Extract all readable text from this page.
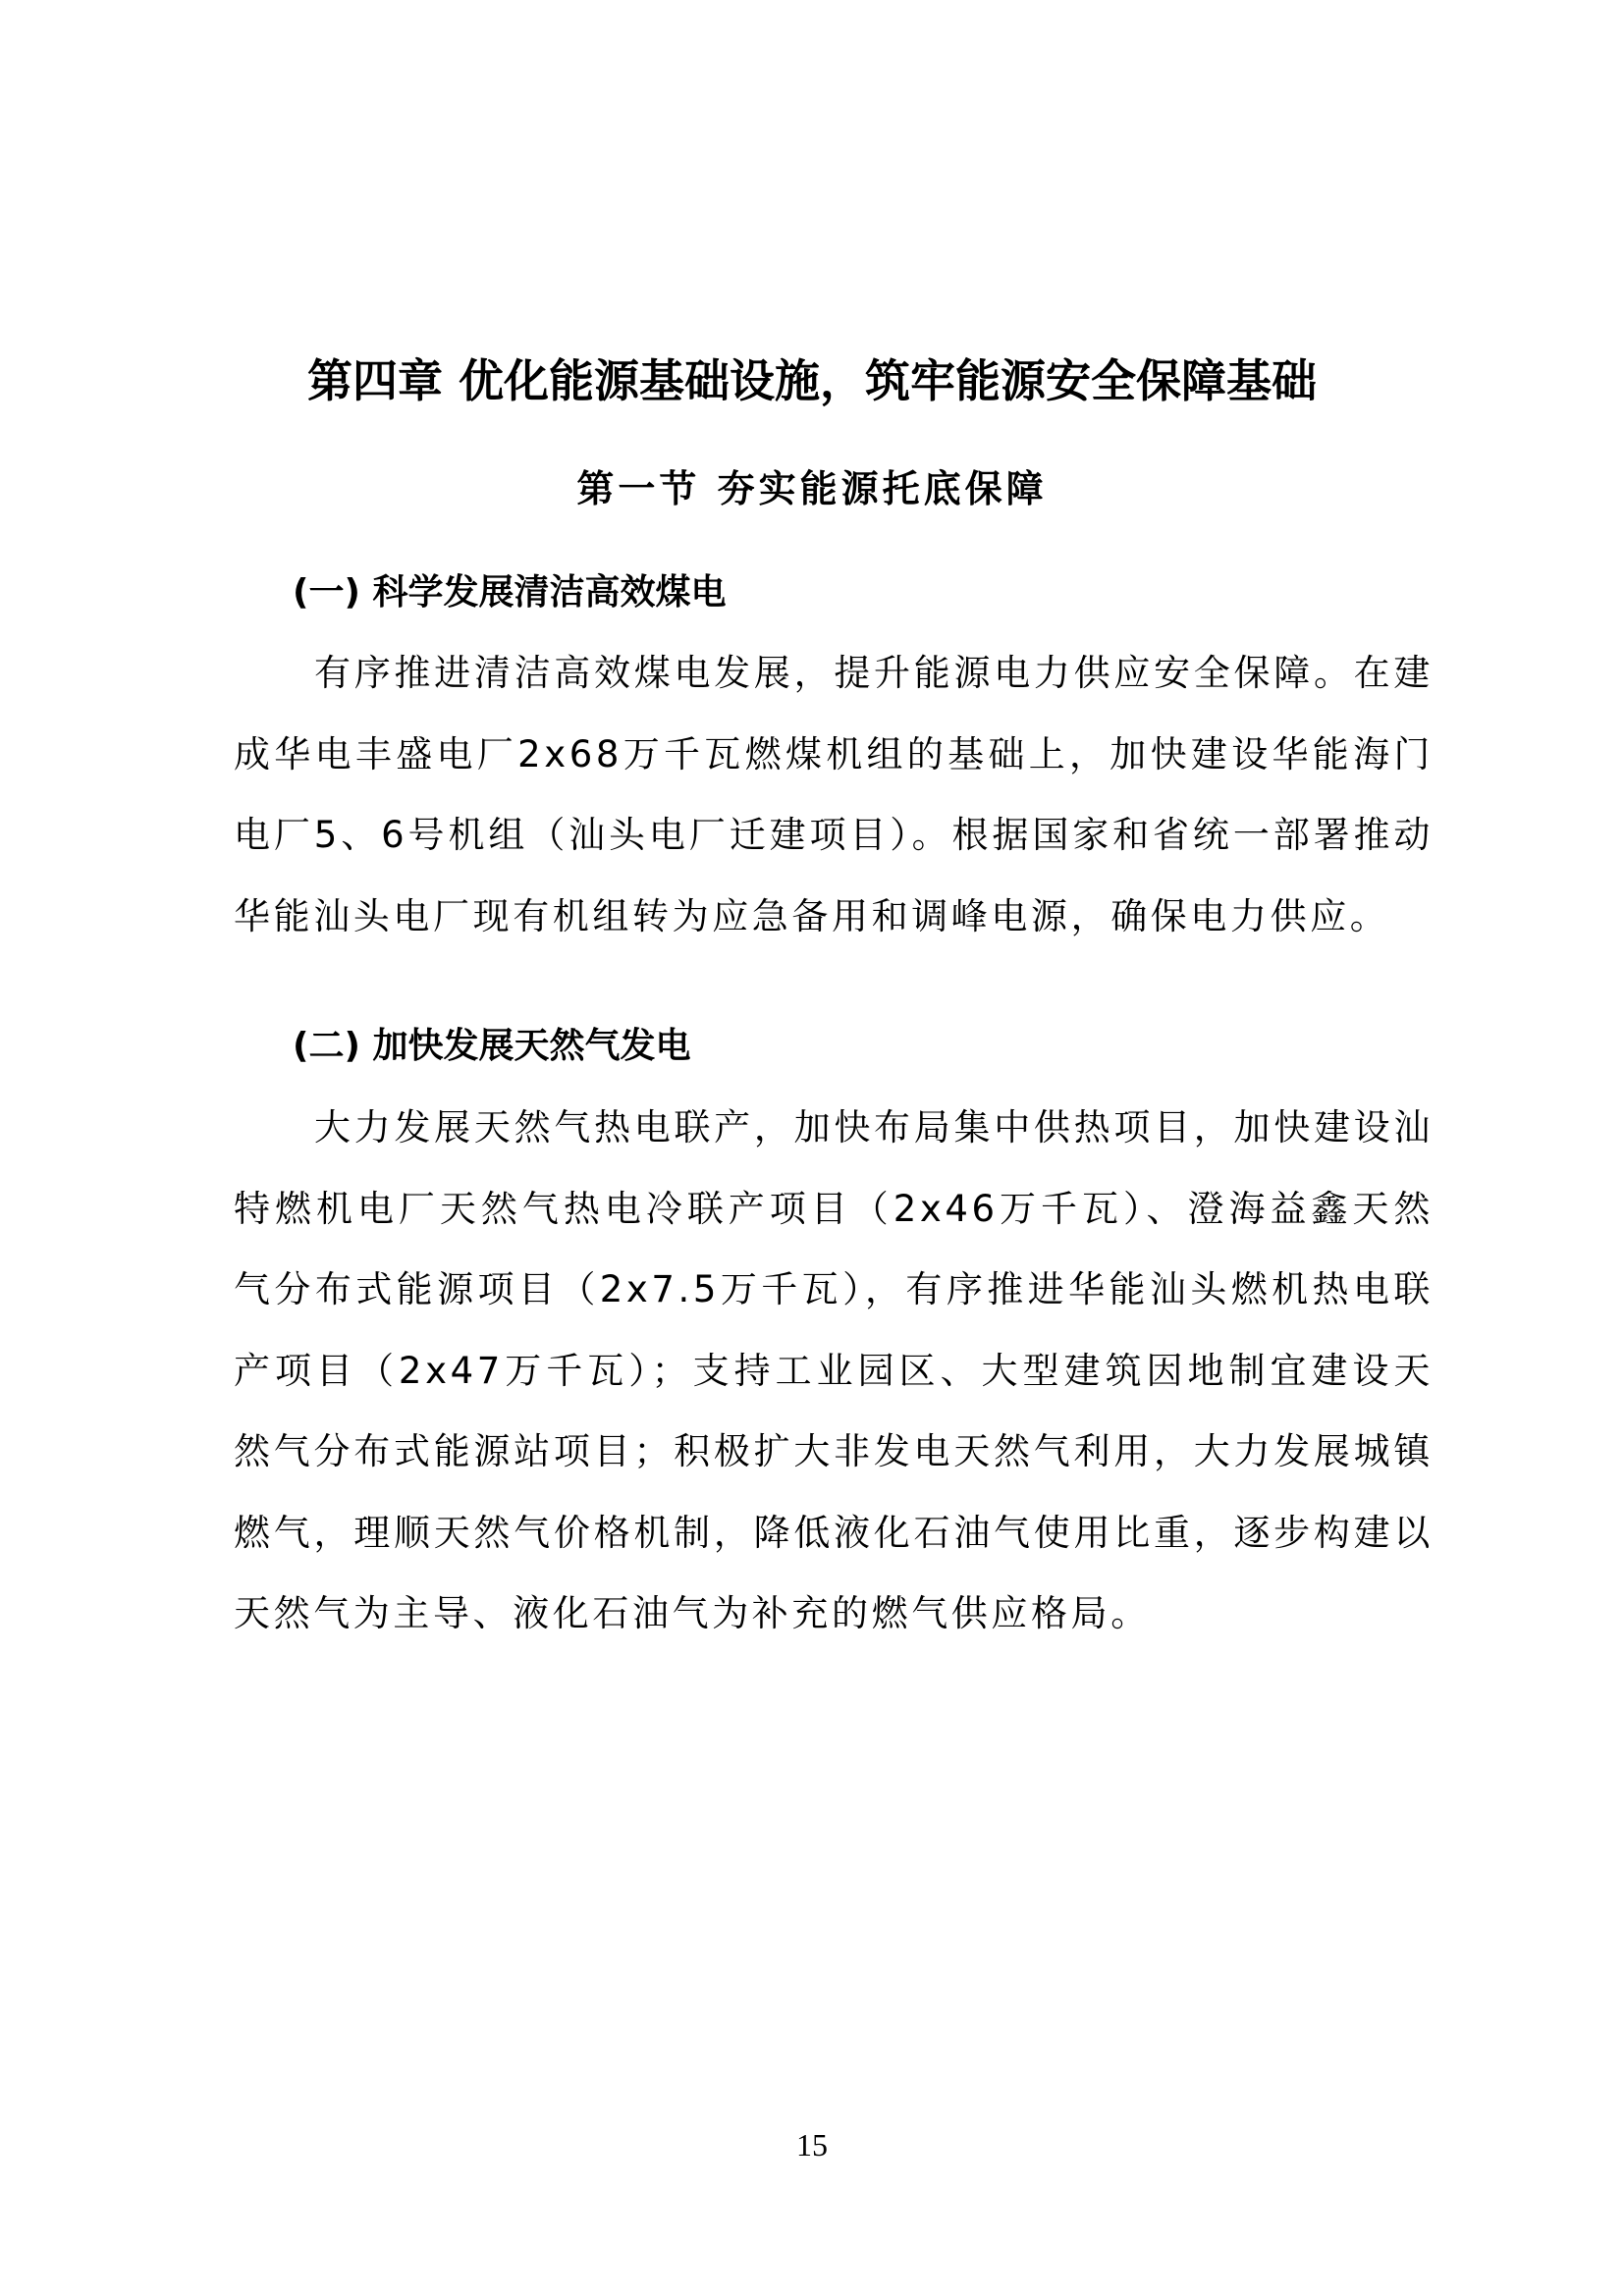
第四章 优化能源基础设施，筑牢能源安全保障基础
第一节 夯实能源托底保障
(一) 科学发展清洁高效煤电

有序推进清洁高效煤电发展，提升能源电力供应安全保障。在建成华电丰盛电厂2x68万千瓦燃煤机组的基础上，加快建设华能海门电厂5、6号机组（汕头电厂迁建项目）。根据国家和省统一部署推动华能汕头电厂现有机组转为应急备用和调峰电源，确保电力供应。

(二) 加快发展天然气发电

大力发展天然气热电联产，加快布局集中供热项目，加快建设汕特燃机电厂天然气热电冷联产项目（2x46万千瓦）、澄海益鑫天然气分布式能源项目（2x7.5万千瓦），有序推进华能汕头燃机热电联产项目（2x47万千瓦）；支持工业园区、大型建筑因地制宜建设天然气分布式能源站项目；积极扩大非发电天然气利用，大力发展城镇燃气，理顺天然气价格机制，降低液化石油气使用比重，逐步构建以天然气为主导、液化石油气为补充的燃气供应格局。

15
